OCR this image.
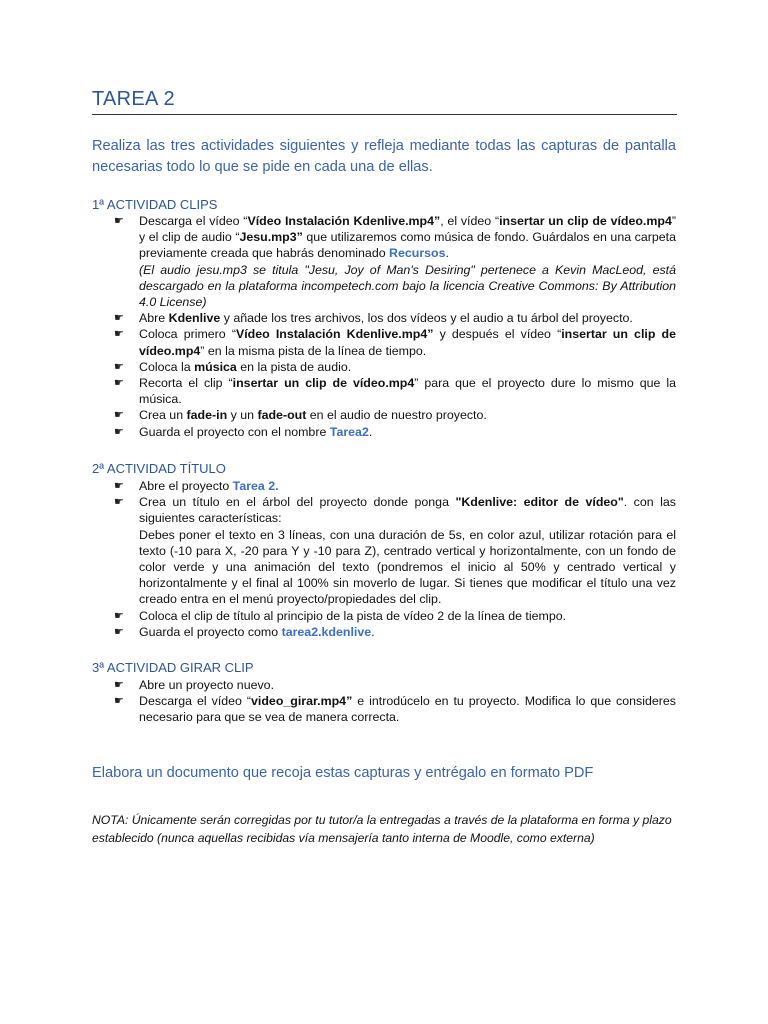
TAREA 2
Realiza las tres actividades siguientes y refleja mediante todas las capturas de pantalla necesarias todo lo que se pide en cada una de ellas.
1ª ACTIVIDAD CLIPS
☛	Descarga el vídeo “Vídeo Instalación Kdenlive.mp4”, el vídeo “insertar un clip de vídeo.mp4” y el clip de audio “Jesu.mp3” que utilizaremos como música de fondo. Guárdalos en una carpeta previamente creada que habrás denominado Recursos.
(El audio jesu.mp3 se titula "Jesu, Joy of Man's Desiring" pertenece a Kevin MacLeod, está descargado en la plataforma incompetech.com bajo la licencia Creative Commons: By Attribution 4.0 License)
☛	Abre Kdenlive y añade los tres archivos, los dos vídeos y el audio a tu árbol del proyecto.
☛	Coloca primero “Vídeo Instalación Kdenlive.mp4” y después el vídeo “insertar un clip de vídeo.mp4” en la misma pista de la línea de tiempo.
☛	Coloca la música en la pista de audio.
☛	Recorta el clip “insertar un clip de vídeo.mp4” para que el proyecto dure lo mismo que la música.
☛	Crea un fade-in y un fade-out en el audio de nuestro proyecto.
☛	Guarda el proyecto con el nombre Tarea2.
2ª ACTIVIDAD TÍTULO
☛	Abre el proyecto Tarea 2.
☛	Crea un título en el árbol del proyecto donde ponga "Kdenlive: editor de vídeo". con las siguientes características:
Debes poner el texto en 3 líneas, con una duración de 5s, en color azul, utilizar rotación para el texto (-10 para X, -20 para Y y -10 para Z), centrado vertical y horizontalmente, con un fondo de color verde y una animación del texto (pondremos el inicio al 50% y centrado vertical y horizontalmente y el final al 100% sin moverlo de lugar. Si tienes que modificar el título una vez creado entra en el menú proyecto/propiedades del clip.
☛	Coloca el clip de título al principio de la pista de vídeo 2 de la línea de tiempo.
☛	Guarda el proyecto como tarea2.kdenlive.
3ª ACTIVIDAD GIRAR CLIP
☛	Abre un proyecto nuevo.
☛	Descarga el vídeo “video_girar.mp4” e introdúcelo en tu proyecto. Modifica lo que consideres necesario para que se vea de manera correcta.
Elabora un documento que recoja estas capturas y entrégalo en formato PDF
NOTA: Únicamente serán corregidas por tu tutor/a la entregadas a través de la plataforma en forma y plazo establecido (nunca aquellas recibidas vía mensajería tanto interna de Moodle, como externa)
